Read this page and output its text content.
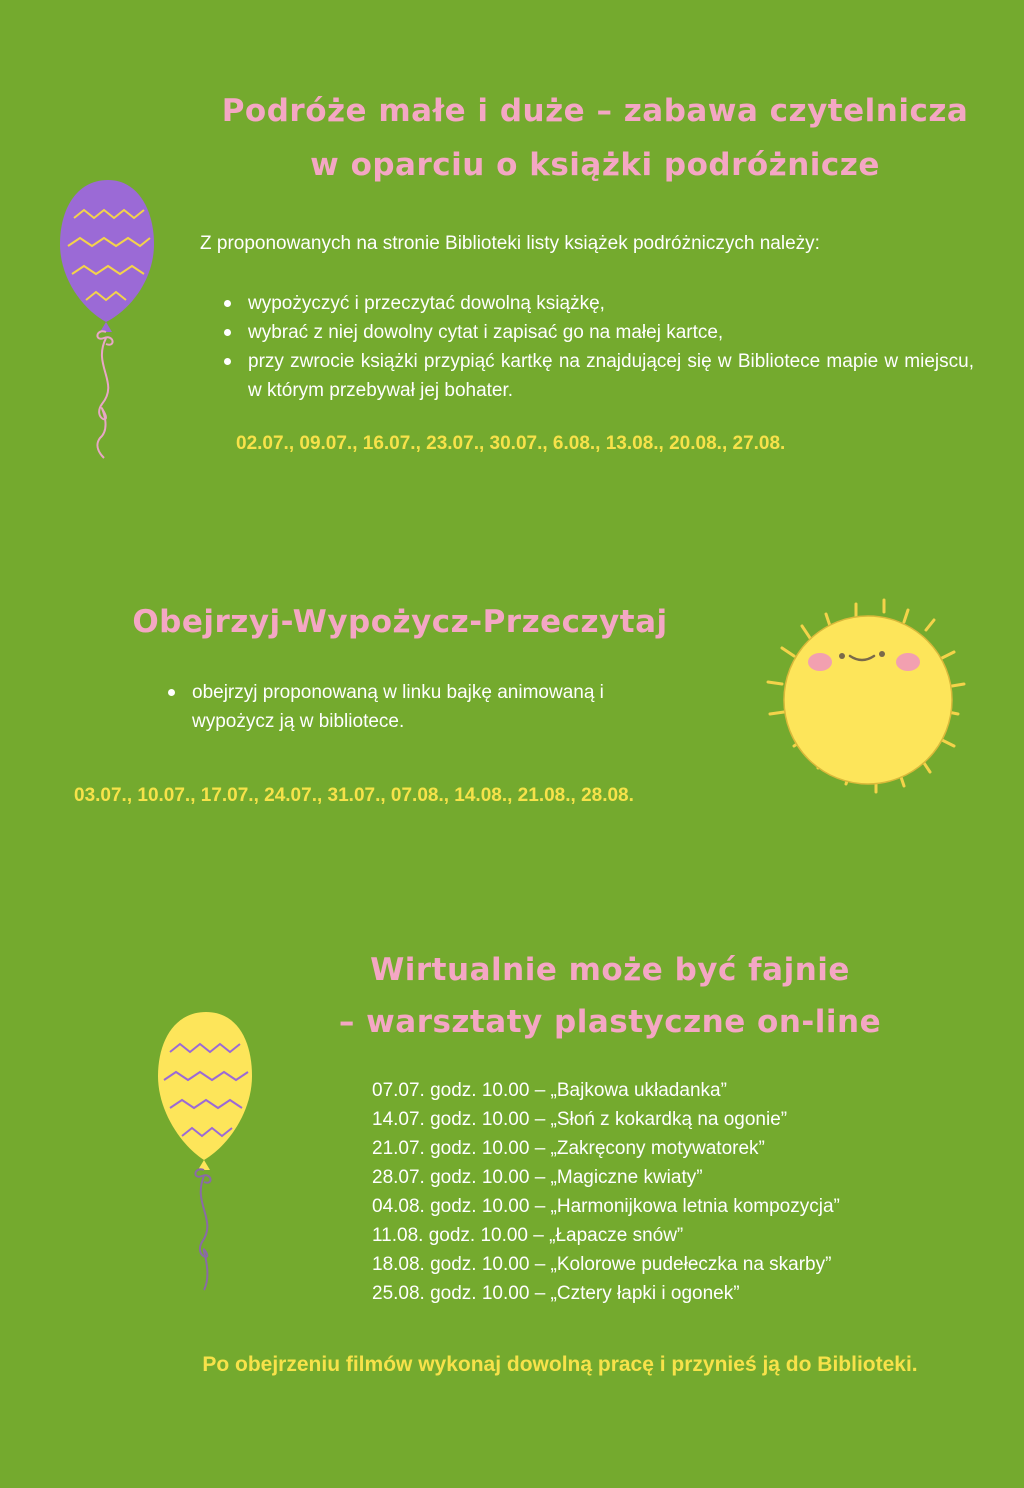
Podróże małe i duże – zabawa czytelnicza
w oparciu o książki podróżnicze
Z proponowanych na stronie Biblioteki listy książek podróżniczych należy:
wypożyczyć i przeczytać dowolną książkę,
wybrać z niej dowolny cytat i zapisać go na małej kartce,
przy zwrocie książki przypiąć kartkę na znajdującej się w Bibliotece mapie w miejscu, w którym przebywał jej bohater.
02.07., 09.07., 16.07., 23.07., 30.07., 6.08., 13.08., 20.08., 27.08.
Obejrzyj-Wypożycz-Przeczytaj
obejrzyj proponowaną w linku bajkę animowaną i wypożycz ją w bibliotece.
03.07., 10.07., 17.07., 24.07., 31.07., 07.08., 14.08., 21.08., 28.08.
Wirtualnie może być fajnie
– warsztaty plastyczne on-line
07.07. godz. 10.00 – „Bajkowa układanka”
14.07. godz. 10.00 – „Słoń z kokardką na ogonie”
21.07. godz. 10.00 – „Zakręcony motywatorek”
28.07. godz. 10.00 – „Magiczne kwiaty”
04.08. godz. 10.00 – „Harmonijkowa letnia kompozycja”
11.08. godz. 10.00 – „Łapacze snów”
18.08. godz. 10.00 – „Kolorowe pudełeczka na skarby”
25.08. godz. 10.00 – „Cztery łapki i ogonek”
Po obejrzeniu filmów wykonaj dowolną pracę i przynieś ją do Biblioteki.
